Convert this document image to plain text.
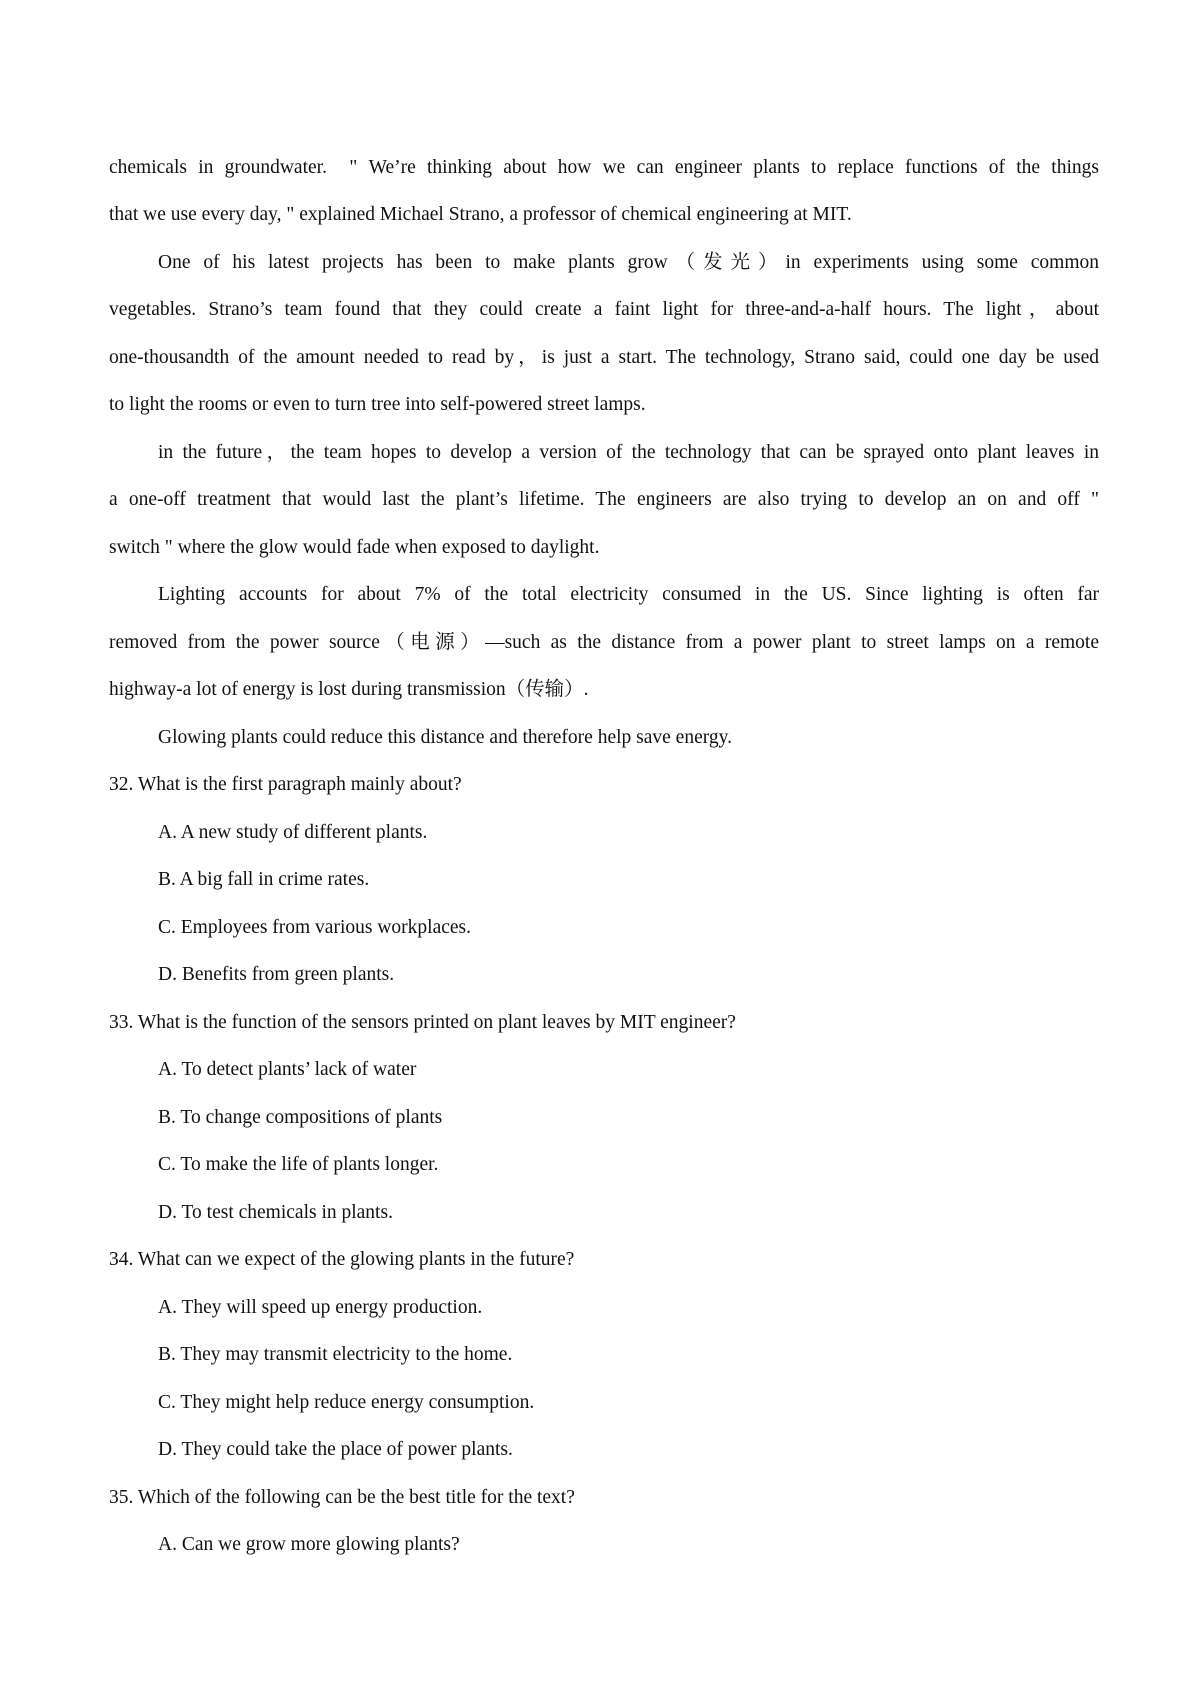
chemicals in groundwater.  " We’re thinking about how we can engineer plants to replace functions of the things
that we use every day, " explained Michael Strano, a professor of chemical engineering at MIT.
One of his latest projects has been to make plants grow（发光）in experiments using some common
vegetables. Strano’s team found that they could create a faint light for three-and-a-half hours. The light，about
one-thousandth of the amount needed to read by，is just a start. The technology, Strano said, could one day be used
to light the rooms or even to turn tree into self-powered street lamps.
in the future，the team hopes to develop a version of the technology that can be sprayed onto plant leaves in
a one-off treatment that would last the plant’s lifetime. The engineers are also trying to develop an on and off "
switch " where the glow would fade when exposed to daylight.
Lighting accounts for about 7% of the total electricity consumed in the US. Since lighting is often far
removed from the power source（电源）—such as the distance from a power plant to street lamps on a remote
highway-a lot of energy is lost during transmission（传输）.
Glowing plants could reduce this distance and therefore help save energy.
32. What is the first paragraph mainly about?
A. A new study of different plants.
B. A big fall in crime rates.
C. Employees from various workplaces.
D. Benefits from green plants.
33. What is the function of the sensors printed on plant leaves by MIT engineer?
A. To detect plants’ lack of water
B. To change compositions of plants
C. To make the life of plants longer.
D. To test chemicals in plants.
34. What can we expect of the glowing plants in the future?
A. They will speed up energy production.
B. They may transmit electricity to the home.
C. They might help reduce energy consumption.
D. They could take the place of power plants.
35. Which of the following can be the best title for the text?
A. Can we grow more glowing plants?
